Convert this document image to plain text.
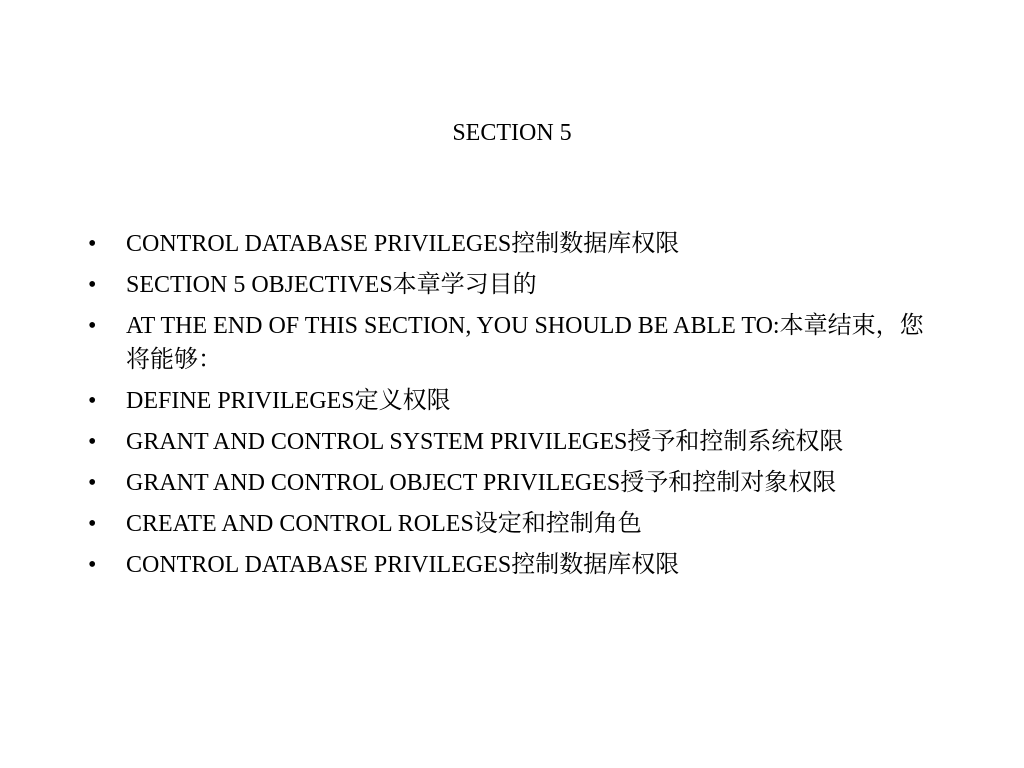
SECTION 5
•	CONTROL DATABASE PRIVILEGES控制数据库权限
•	SECTION 5 OBJECTIVES本章学习目的
•	AT THE END OF THIS SECTION, YOU SHOULD BE ABLE TO:本章结束，您将能够：
•	DEFINE PRIVILEGES定义权限
•	GRANT AND CONTROL SYSTEM PRIVILEGES授予和控制系统权限
•	GRANT AND CONTROL OBJECT PRIVILEGES授予和控制对象权限
•	CREATE AND CONTROL ROLES设定和控制角色
•	CONTROL DATABASE PRIVILEGES控制数据库权限
